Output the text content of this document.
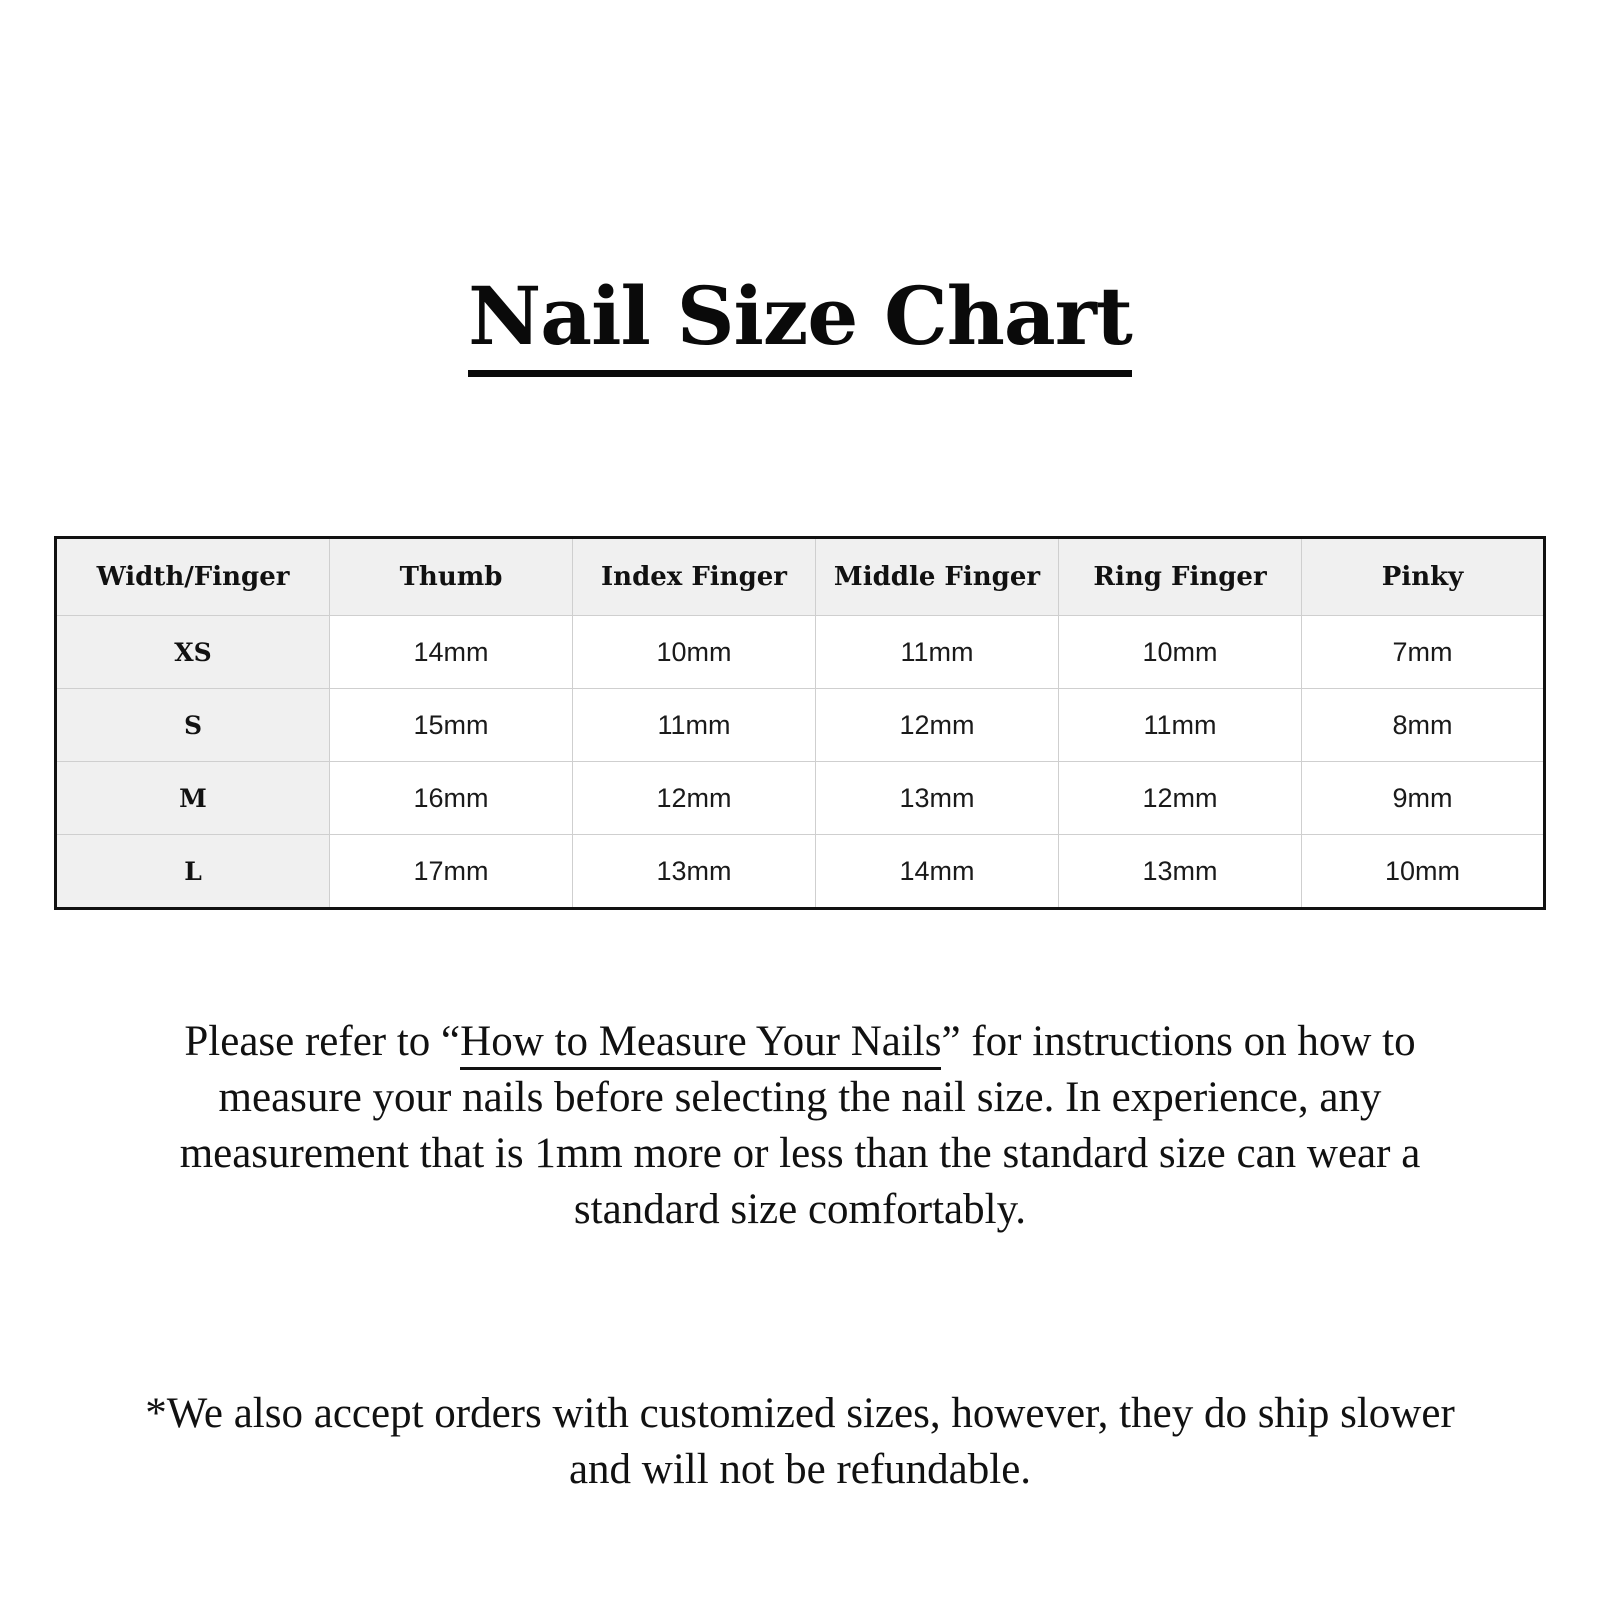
Nail Size Chart
Width/Finger	Thumb	Index Finger	Middle Finger	Ring Finger	Pinky
XS	14mm	10mm	11mm	10mm	7mm
S	15mm	11mm	12mm	11mm	8mm
M	16mm	12mm	13mm	12mm	9mm
L	17mm	13mm	14mm	13mm	10mm

Please refer to “How to Measure Your Nails” for instructions on how to measure your nails before selecting the nail size. In experience, any measurement that is 1mm more or less than the standard size can wear a standard size comfortably.

*We also accept orders with customized sizes, however, they do ship slower and will not be refundable.
